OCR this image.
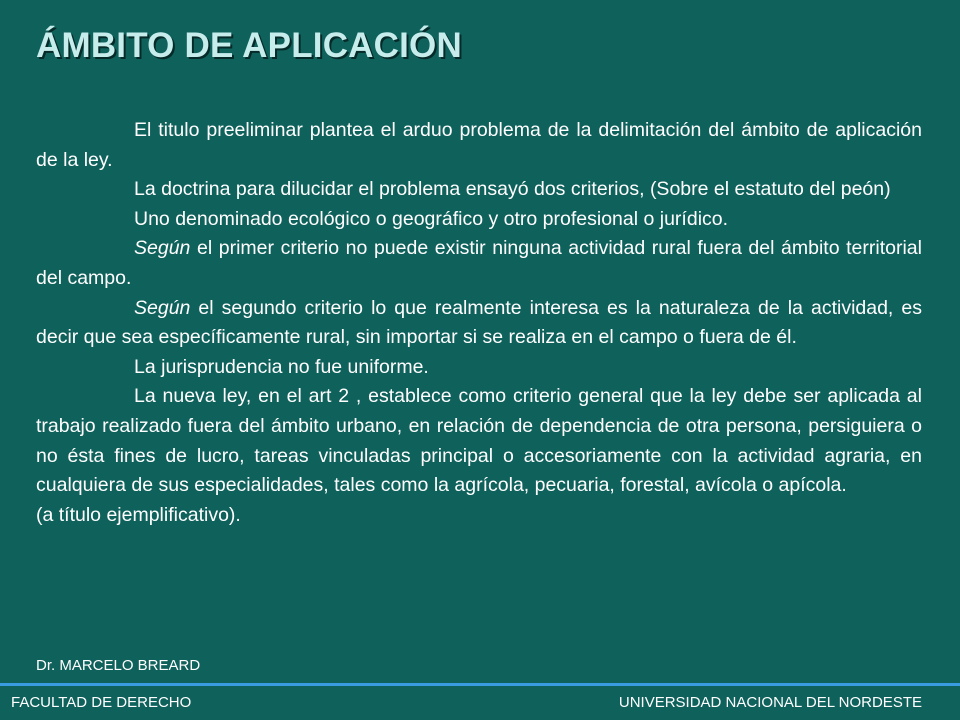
ÁMBITO DE APLICACIÓN

El titulo preeliminar plantea el arduo problema de la delimitación del ámbito de aplicación de la ley.

La doctrina para dilucidar el problema ensayó dos criterios, (Sobre el estatuto del peón)

Uno denominado ecológico o geográfico y otro profesional o jurídico.

Según el primer criterio no puede existir ninguna actividad rural fuera del ámbito territorial del campo.

Según el segundo criterio lo que realmente interesa es la naturaleza de la actividad, es decir que sea específicamente rural, sin importar si se realiza en el campo o fuera de él.

La jurisprudencia no fue uniforme.

La nueva ley, en el art 2 , establece como criterio general que la ley debe ser aplicada al trabajo realizado fuera del ámbito urbano, en relación de dependencia de otra persona, persiguiera o no ésta fines de lucro, tareas vinculadas principal o accesoriamente con la actividad agraria, en cualquiera de sus especialidades, tales como la agrícola, pecuaria, forestal, avícola o apícola.

(a título ejemplificativo).

Dr. MARCELO BREARD
FACULTAD DE DERECHO	UNIVERSIDAD NACIONAL DEL NORDESTE
